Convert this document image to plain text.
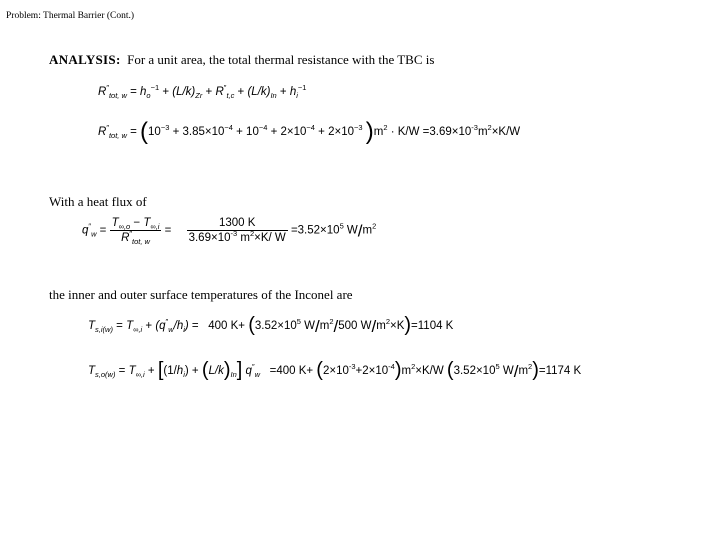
Problem: Thermal Barrier (Cont.)
ANALYSIS: For a unit area, the total thermal resistance with the TBC is
$R''_{tot, w} = h_o^{-1} + (L/k)_{Zr} + R''_{t,c} + (L/k)_{In} + h_i^{-1}$
$R''_{tot, w} = (10^{-3} + 3.85\times 10^{-4} + 10^{-4} + 2\times 10^{-4} + 2\times 10^{-3}$ )$m^2 \cdot K/W =3.69\times 10^{-3}m^2\times K/W$
With a heat flux of
$q''_w = \frac{T_{\infty,o} - T_{\infty,i}}{R''_{tot, w}} = \frac{1300 K}{3.69\times 10^{-3} m^2\times K/ W} =3.52\times 10^5$ $W/m^2$
the inner and outer surface temperatures of the Inconel are
$T_{s,i(w)} = T_{\infty,i} + (q''_w/h_i) = 400$ $K+ (3.52\times 10^5$ $W/m^2/500$ $W/m^2\times K)=1104$ K
$T_{s,o(w)} = T_{\infty,i} + [(1/h_i) + (L/k)_{In}]$ $q''_w =400$ $K+ (2\times 10^{-3}+2\times 10^{-4})m^2\times K/W$ ($3.52\times 10^5$ $W/m^2)=1174$ K
